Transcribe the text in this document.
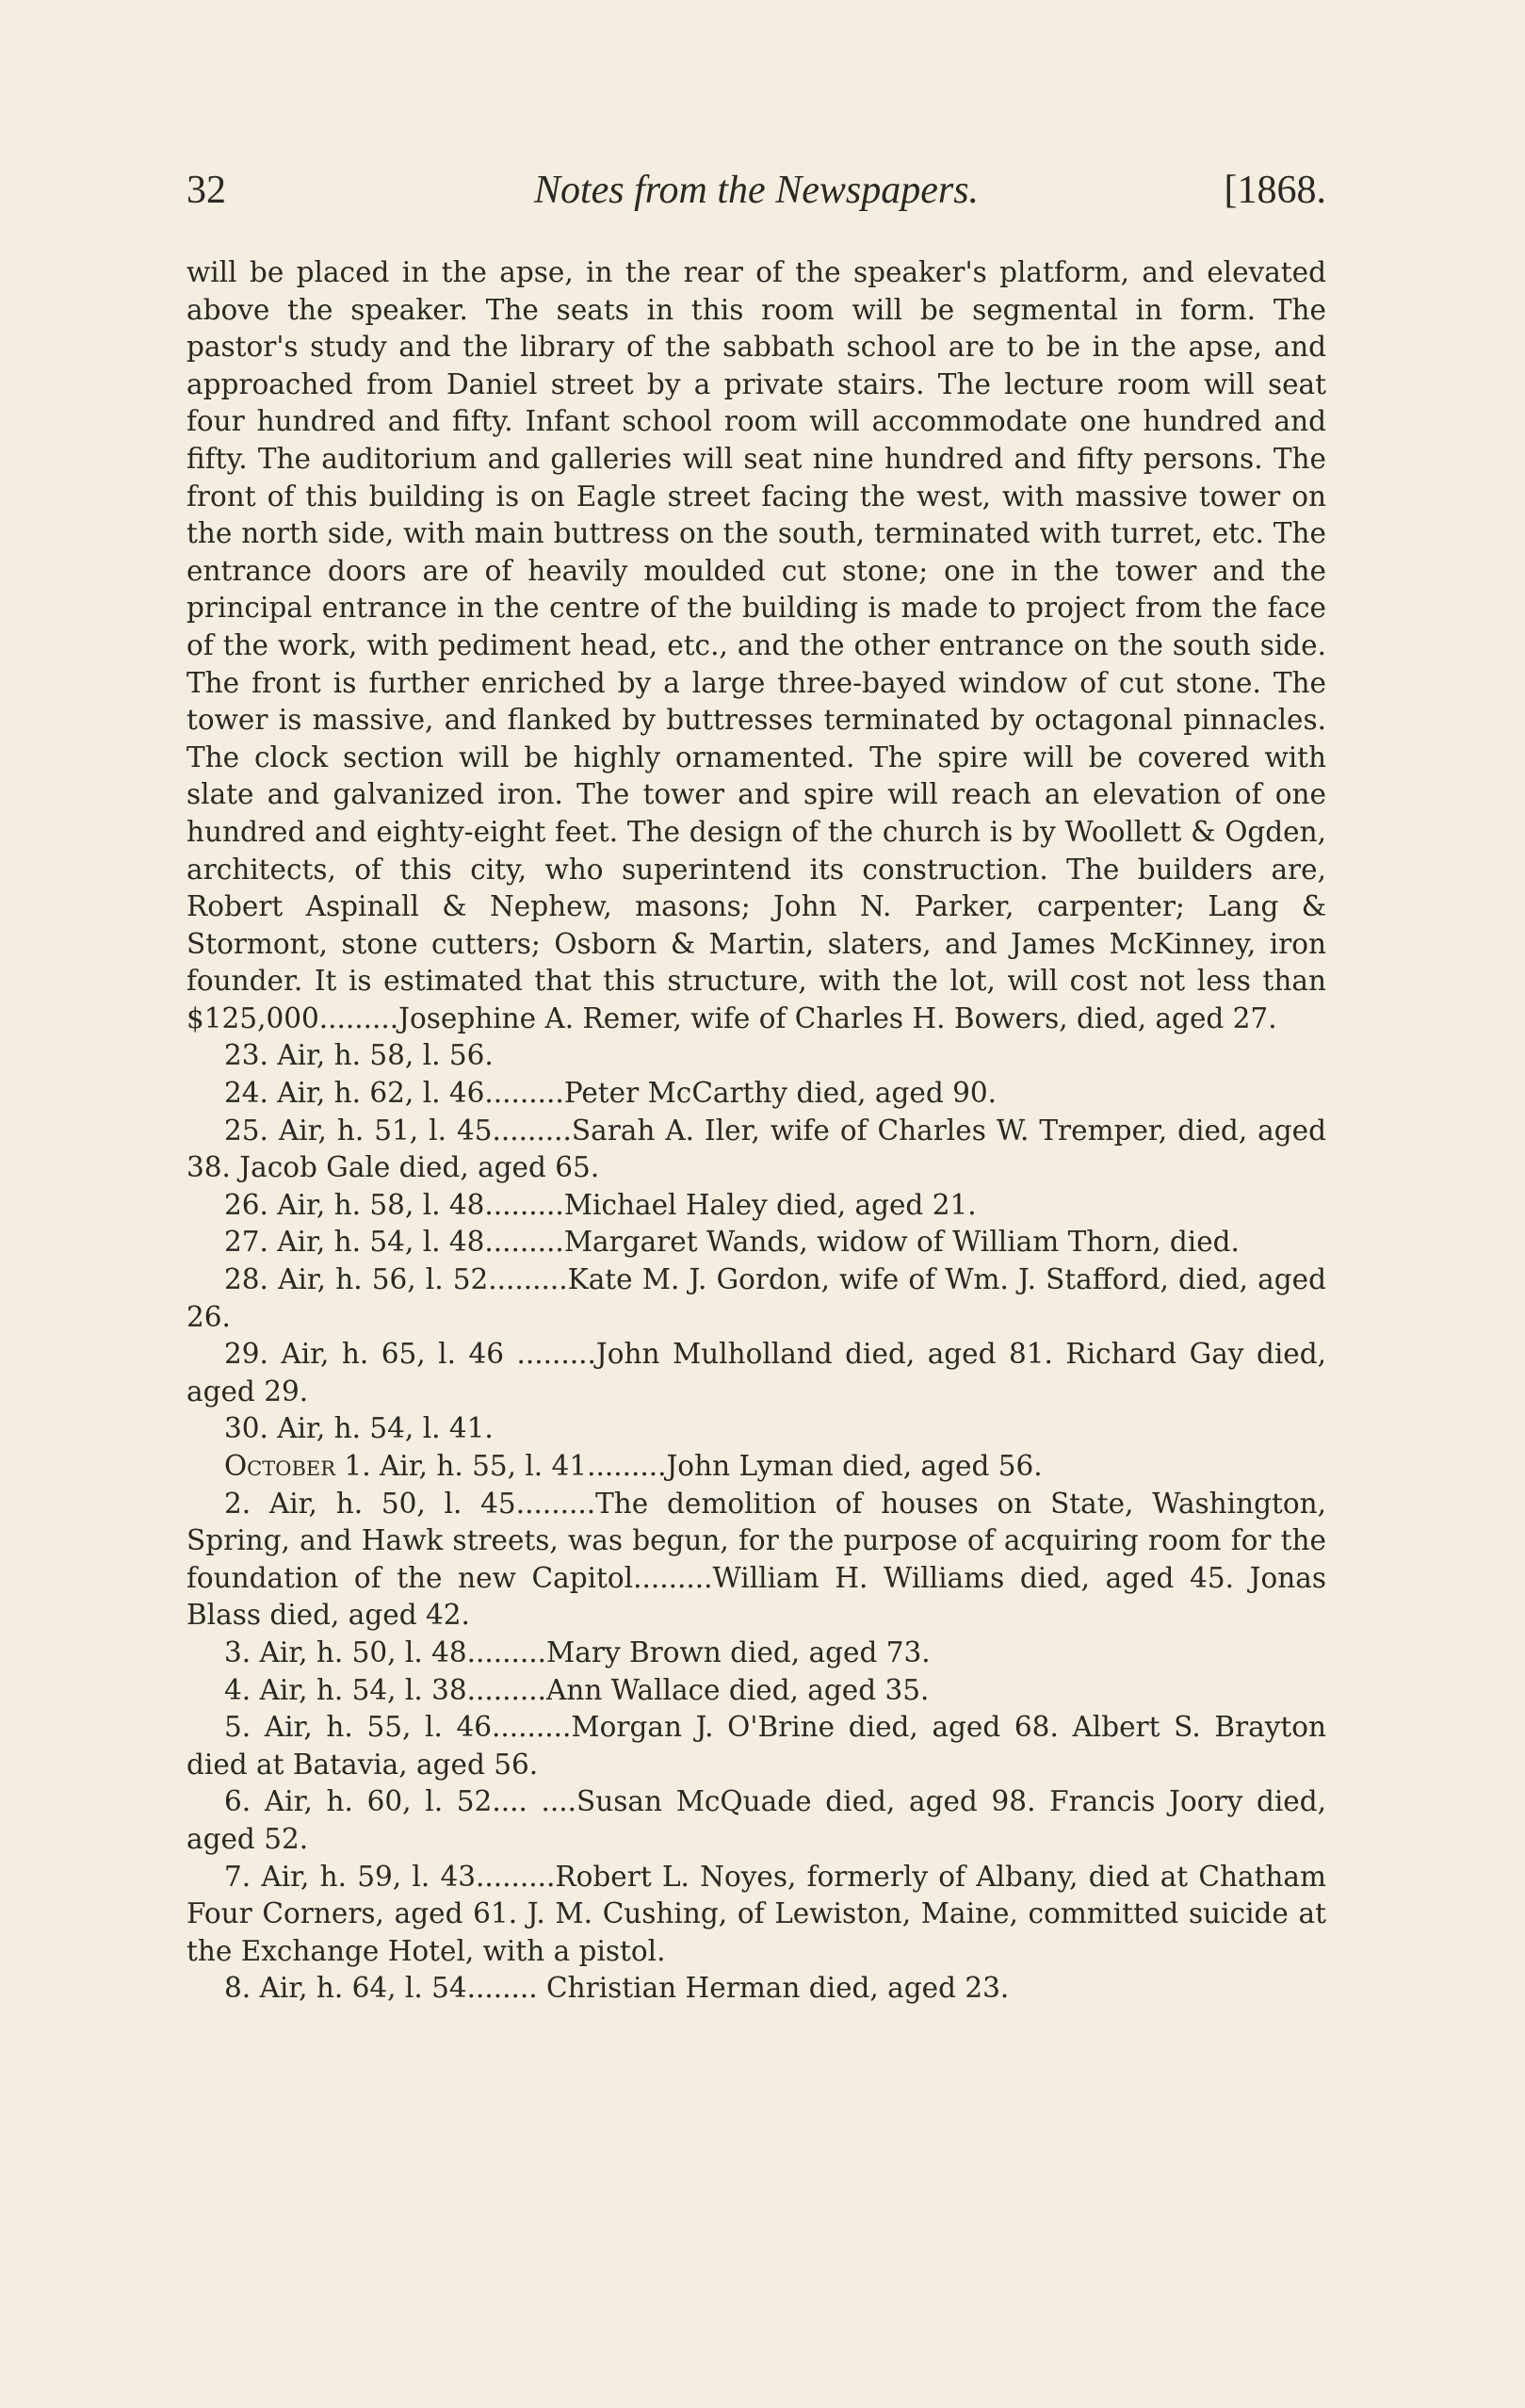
32	Notes from the Newspapers.	[1868.

will be placed in the apse, in the rear of the speaker's platform, and elevated above the speaker. The seats in this room will be segmental in form. The pastor's study and the library of the sabbath school are to be in the apse, and approached from Daniel street by a private stairs. The lecture room will seat four hundred and fifty. Infant school room will accommodate one hundred and fifty. The auditorium and galleries will seat nine hundred and fifty persons. The front of this building is on Eagle street facing the west, with massive tower on the north side, with main buttress on the south, terminated with turret, etc. The entrance doors are of heavily moulded cut stone; one in the tower and the principal entrance in the centre of the building is made to project from the face of the work, with pediment head, etc., and the other entrance on the south side. The front is further enriched by a large three-bayed window of cut stone. The tower is massive, and flanked by buttresses terminated by octagonal pinnacles. The clock section will be highly ornamented. The spire will be covered with slate and galvanized iron. The tower and spire will reach an elevation of one hundred and eighty-eight feet. The design of the church is by Woollett & Ogden, architects, of this city, who superintend its construction. The builders are, Robert Aspinall & Nephew, masons; John N. Parker, carpenter; Lang & Stormont, stone cutters; Osborn & Martin, slaters, and James McKinney, iron founder. It is estimated that this structure, with the lot, will cost not less than $125,000.........Josephine A. Remer, wife of Charles H. Bowers, died, aged 27.

23. Air, h. 58, l. 56.

24. Air, h. 62, l. 46.........Peter McCarthy died, aged 90.

25. Air, h. 51, l. 45.........Sarah A. Iler, wife of Charles W. Tremper, died, aged 38. Jacob Gale died, aged 65.

26. Air, h. 58, l. 48.........Michael Haley died, aged 21.

27. Air, h. 54, l. 48.........Margaret Wands, widow of William Thorn, died.

28. Air, h. 56, l. 52.........Kate M. J. Gordon, wife of Wm. J. Stafford, died, aged 26.

29. Air, h. 65, l. 46 .........John Mulholland died, aged 81. Richard Gay died, aged 29.

30. Air, h. 54, l. 41.

October 1. Air, h. 55, l. 41.........John Lyman died, aged 56.

2. Air, h. 50, l. 45.........The demolition of houses on State, Washington, Spring, and Hawk streets, was begun, for the purpose of acquiring room for the foundation of the new Capitol.........William H. Williams died, aged 45. Jonas Blass died, aged 42.

3. Air, h. 50, l. 48.........Mary Brown died, aged 73.

4. Air, h. 54, l. 38.........Ann Wallace died, aged 35.

5. Air, h. 55, l. 46.........Morgan J. O'Brine died, aged 68. Albert S. Brayton died at Batavia, aged 56.

6. Air, h. 60, l. 52.... ....Susan McQuade died, aged 98. Francis Joory died, aged 52.

7. Air, h. 59, l. 43.........Robert L. Noyes, formerly of Albany, died at Chatham Four Corners, aged 61. J. M. Cushing, of Lewiston, Maine, committed suicide at the Exchange Hotel, with a pistol.

8. Air, h. 64, l. 54........ Christian Herman died, aged 23.
